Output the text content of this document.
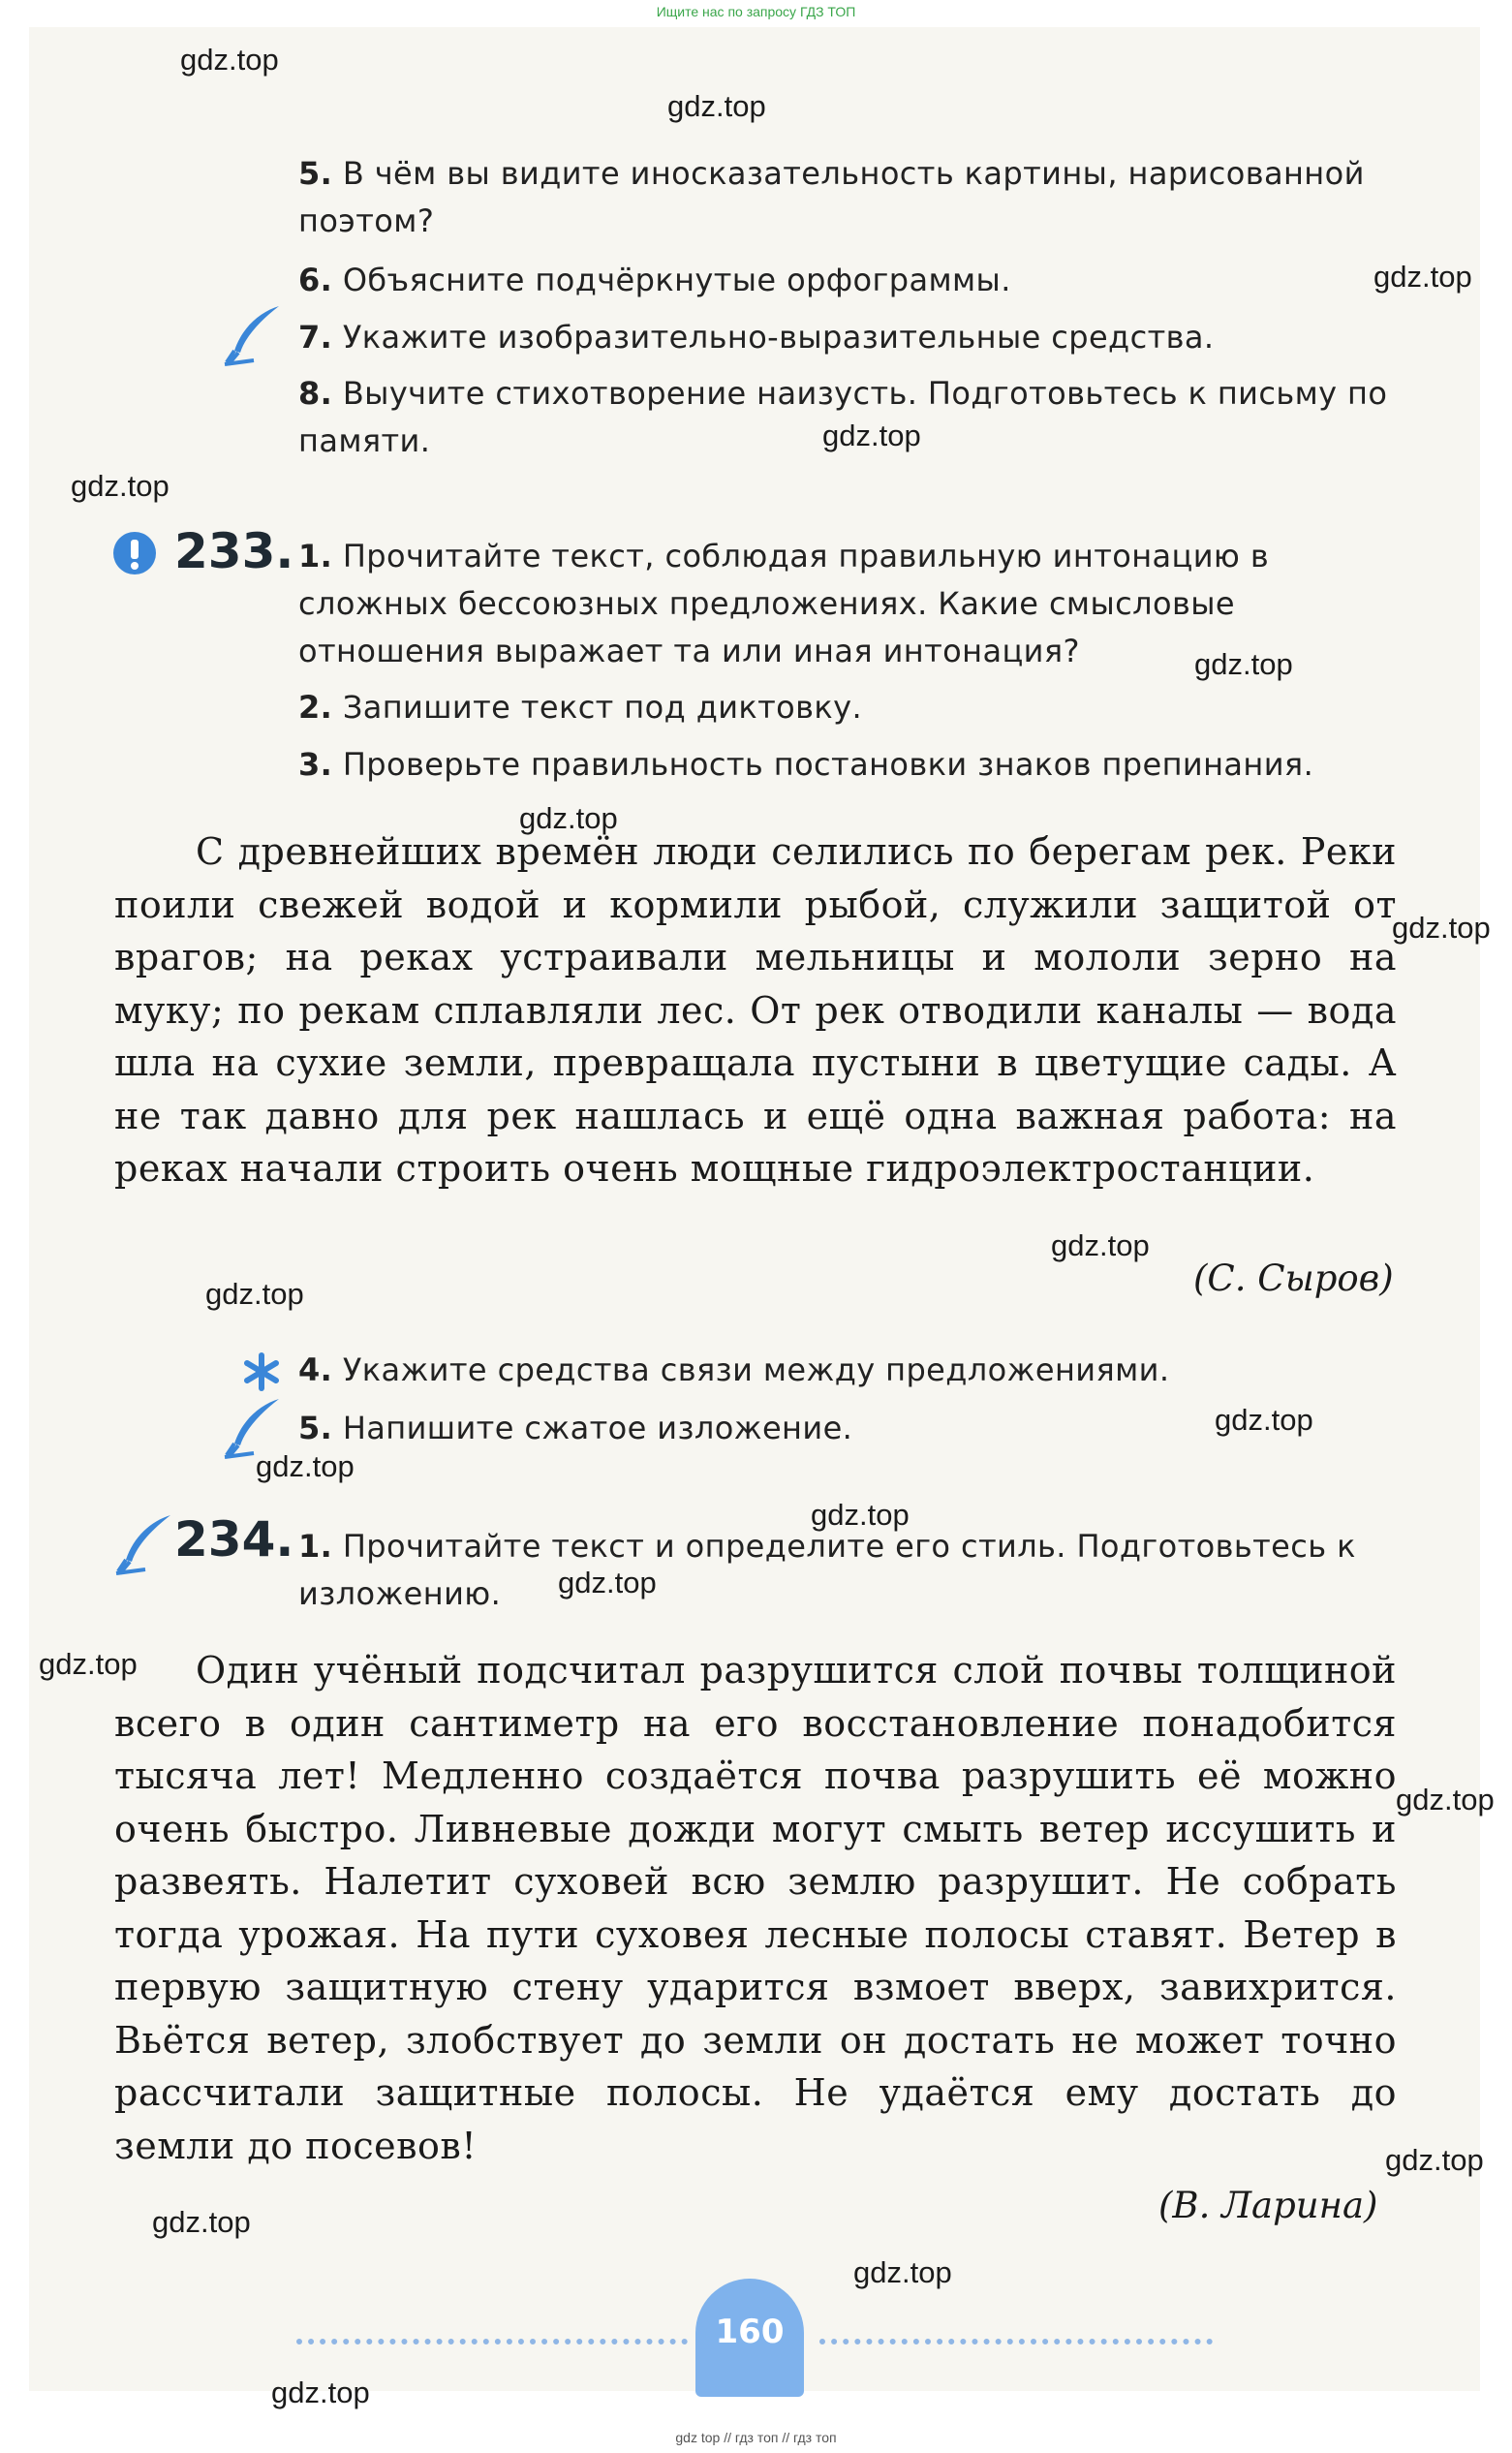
Ищите нас по запросу ГДЗ ТОП
5. В чём вы видите иносказательность картины, нарисованной поэтом?
6. Объясните подчёркнутые орфограммы.
7. Укажите изобразительно-выразительные средства.
8. Выучите стихотворение наизусть. Подготовьтесь к письму по памяти.
233. 1. Прочитайте текст, соблюдая правильную интонацию в сложных бессоюзных предложениях. Какие смысловые отношения выражает та или иная интонация?
2. Запишите текст под диктовку.
3. Проверьте правильность постановки знаков препинания.
С древнейших времён люди селились по берегам рек. Реки поили свежей водой и кормили рыбой, служили защитой от врагов; на реках устраивали мельницы и мололи зерно на муку; по рекам сплавляли лес. От рек отводили каналы — вода шла на сухие земли, превращала пустыни в цветущие сады. А не так давно для рек нашлась и ещё одна важная работа: на реках начали строить очень мощные гидроэлектростанции.
(С. Сыров)
4. Укажите средства связи между предложениями.
5. Напишите сжатое изложение.
234. 1. Прочитайте текст и определите его стиль. Подготовьтесь к изложению.
Один учёный подсчитал разрушится слой почвы толщиной всего в один сантиметр на его восстановление понадобится тысяча лет! Медленно создаётся почва разрушить её можно очень быстро. Ливневые дожди могут смыть ветер иссушить и развеять. Налетит суховей всю землю разрушит. Не собрать тогда урожая. На пути суховея лесные полосы ставят. Ветер в первую защитную стену ударится взмоет вверх, завихрится. Вьётся ветер, злобствует до земли он достать не может точно рассчитали защитные полосы. Не удаётся ему достать до земли до посевов!
(В. Ларина)
160
gdz.top
gdz.top
gdz.top
gdz.top
gdz.top
gdz.top
gdz.top
gdz.top
gdz.top
gdz.top
gdz.top
gdz.top
gdz.top
gdz.top
gdz.top
gdz.top
gdz.top
gdz.top
gdz.top
gdz.top
gdz top // гдз топ // гдз топ
